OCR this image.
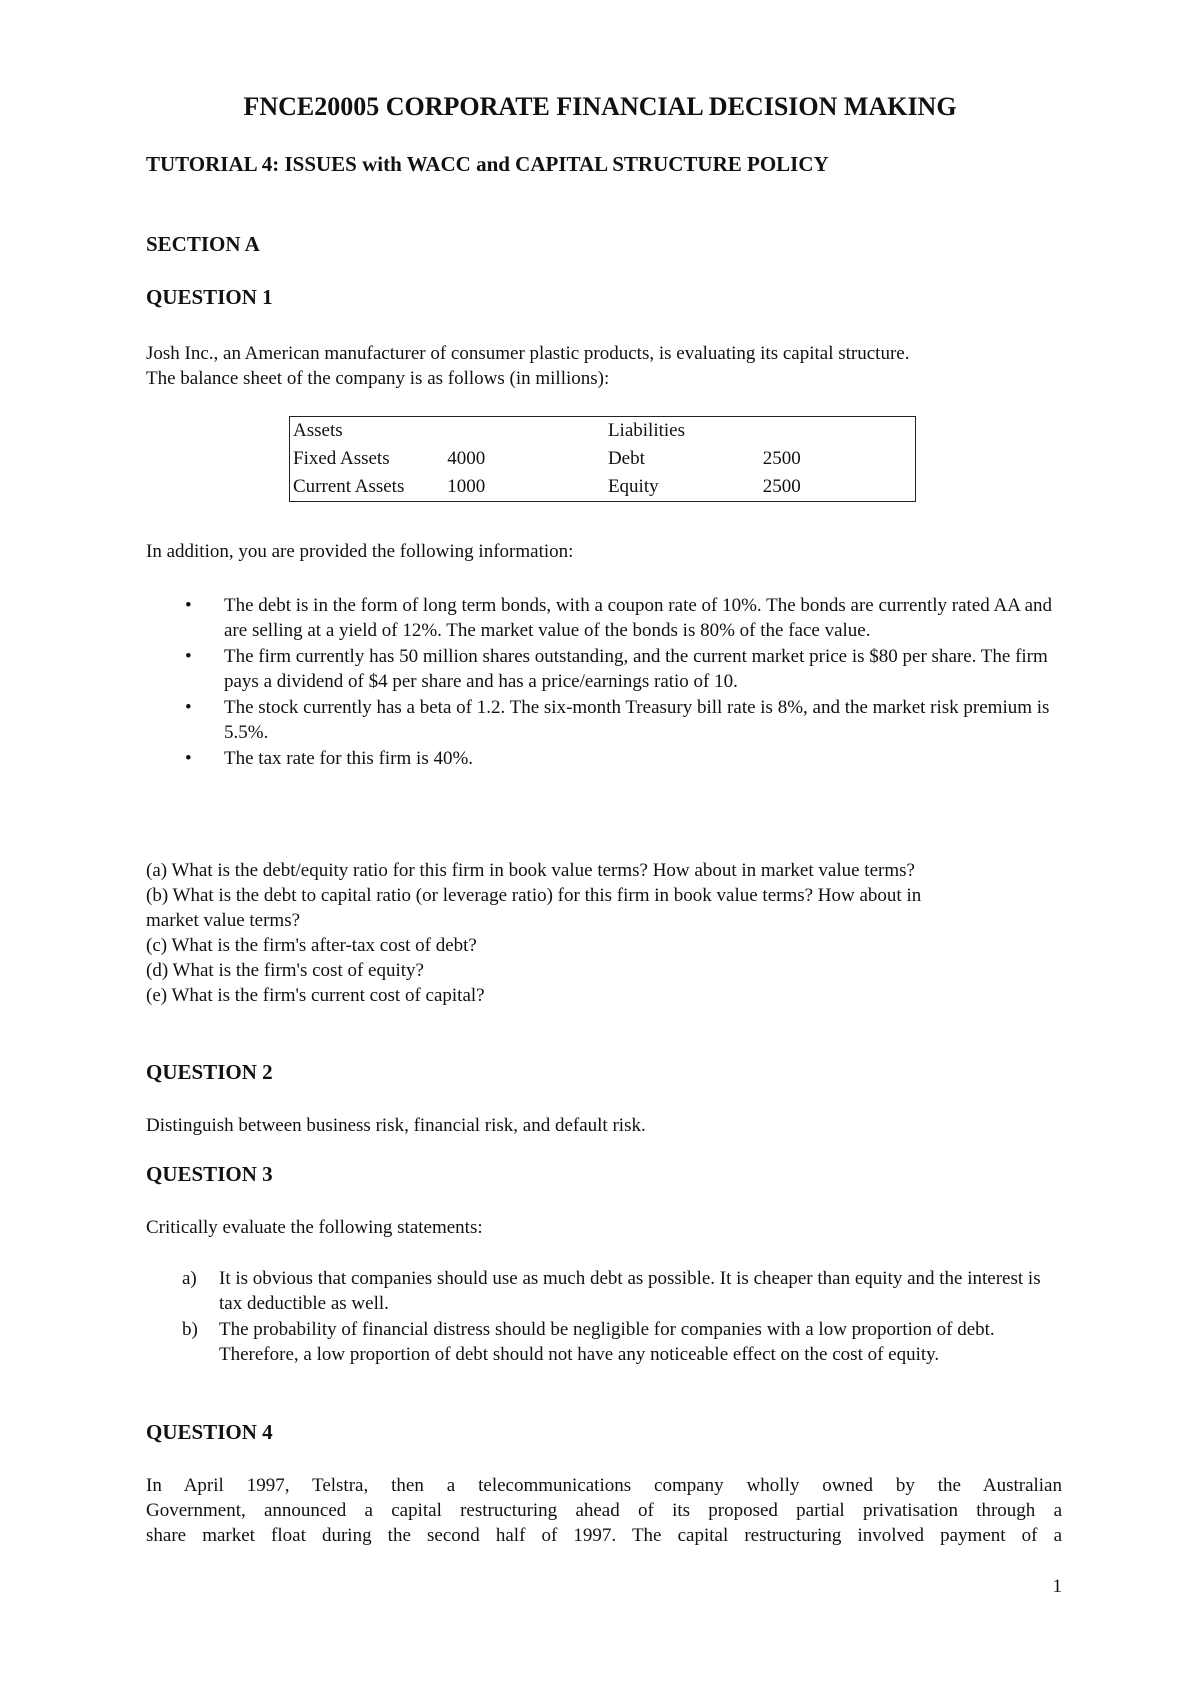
FNCE20005 CORPORATE FINANCIAL DECISION MAKING
TUTORIAL 4: ISSUES with WACC and CAPITAL STRUCTURE POLICY
SECTION A
QUESTION 1
Josh Inc., an American manufacturer of consumer plastic products, is evaluating its capital structure.
The balance sheet of the company is as follows (in millions):
Assets		Liabilities	
Fixed Assets	4000	Debt	2500
Current Assets	1000	Equity	2500
In addition, you are provided the following information:
• The debt is in the form of long term bonds, with a coupon rate of 10%. The bonds are currently rated AA and are selling at a yield of 12%. The market value of the bonds is 80% of the face value.
• The firm currently has 50 million shares outstanding, and the current market price is $80 per share. The firm pays a dividend of $4 per share and has a price/earnings ratio of 10.
• The stock currently has a beta of 1.2. The six-month Treasury bill rate is 8%, and the market risk premium is 5.5%.
• The tax rate for this firm is 40%.
(a) What is the debt/equity ratio for this firm in book value terms? How about in market value terms?
(b) What is the debt to capital ratio (or leverage ratio) for this firm in book value terms? How about in
market value terms?
(c) What is the firm's after-tax cost of debt?
(d) What is the firm's cost of equity?
(e) What is the firm's current cost of capital?
QUESTION 2
Distinguish between business risk, financial risk, and default risk.
QUESTION 3
Critically evaluate the following statements:
a) It is obvious that companies should use as much debt as possible. It is cheaper than equity and the interest is tax deductible as well.
b) The probability of financial distress should be negligible for companies with a low proportion of debt. Therefore, a low proportion of debt should not have any noticeable effect on the cost of equity.
QUESTION 4
In April 1997, Telstra, then a telecommunications company wholly owned by the Australian
Government, announced a capital restructuring ahead of its proposed partial privatisation through a
share market float during the second half of 1997. The capital restructuring involved payment of a
1
